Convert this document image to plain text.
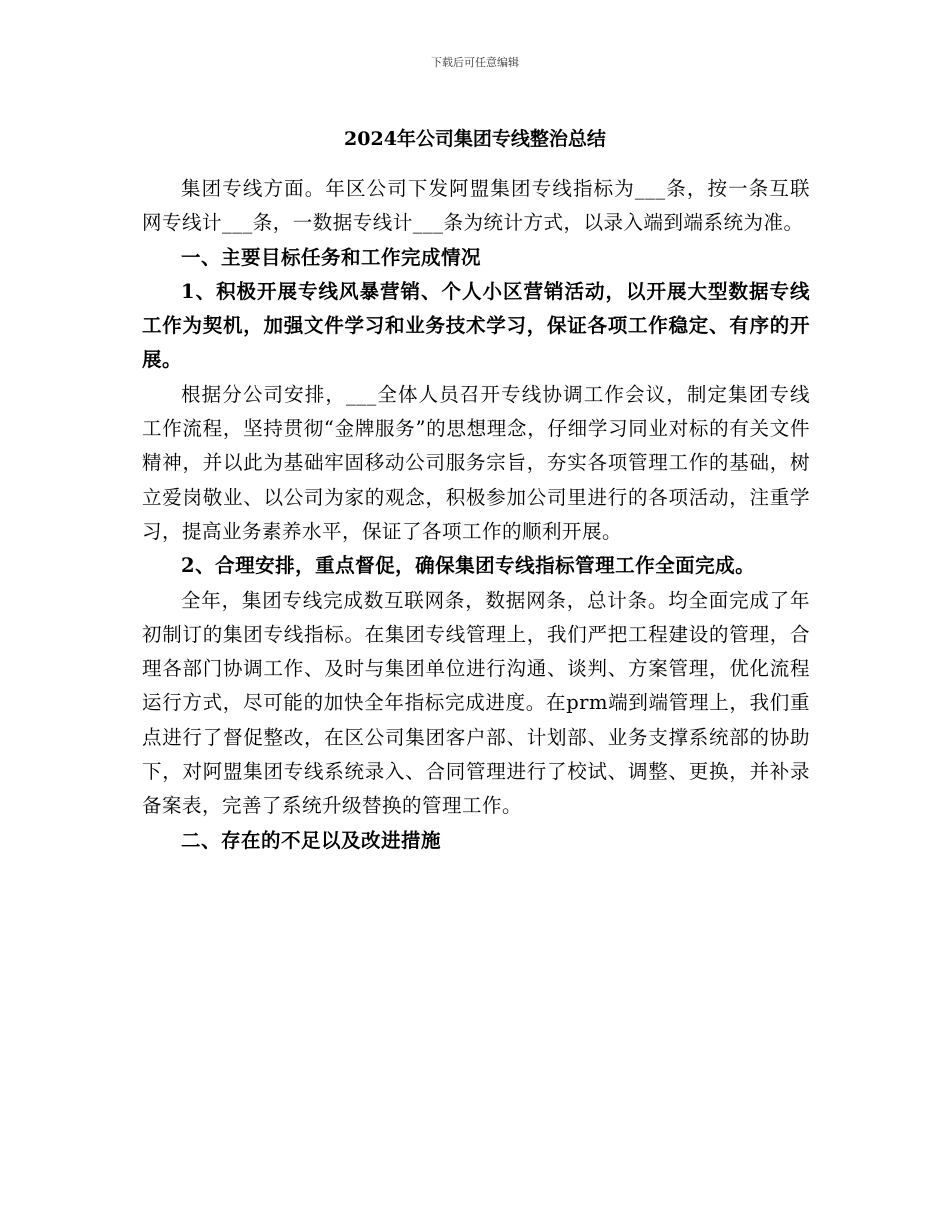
下载后可任意编辑
2024年公司集团专线整治总结

集团专线方面。年区公司下发阿盟集团专线指标为___条，按一条互联网专线计___条，一数据专线计___条为统计方式，以录入端到端系统为准。

一、主要目标任务和工作完成情况

1、积极开展专线风暴营销、个人小区营销活动，以开展大型数据专线工作为契机，加强文件学习和业务技术学习，保证各项工作稳定、有序的开展。

根据分公司安排，___全体人员召开专线协调工作会议，制定集团专线工作流程，坚持贯彻“金牌服务”的思想理念，仔细学习同业对标的有关文件精神，并以此为基础牢固移动公司服务宗旨，夯实各项管理工作的基础，树立爱岗敬业、以公司为家的观念，积极参加公司里进行的各项活动，注重学习，提高业务素养水平，保证了各项工作的顺利开展。

2、合理安排，重点督促，确保集团专线指标管理工作全面完成。

全年，集团专线完成数互联网条，数据网条，总计条。均全面完成了年初制订的集团专线指标。在集团专线管理上，我们严把工程建设的管理，合理各部门协调工作、及时与集团单位进行沟通、谈判、方案管理，优化流程运行方式，尽可能的加快全年指标完成进度。在prm端到端管理上，我们重点进行了督促整改，在区公司集团客户部、计划部、业务支撑系统部的协助下，对阿盟集团专线系统录入、合同管理进行了校试、调整、更换，并补录备案表，完善了系统升级替换的管理工作。

二、存在的不足以及改进措施
